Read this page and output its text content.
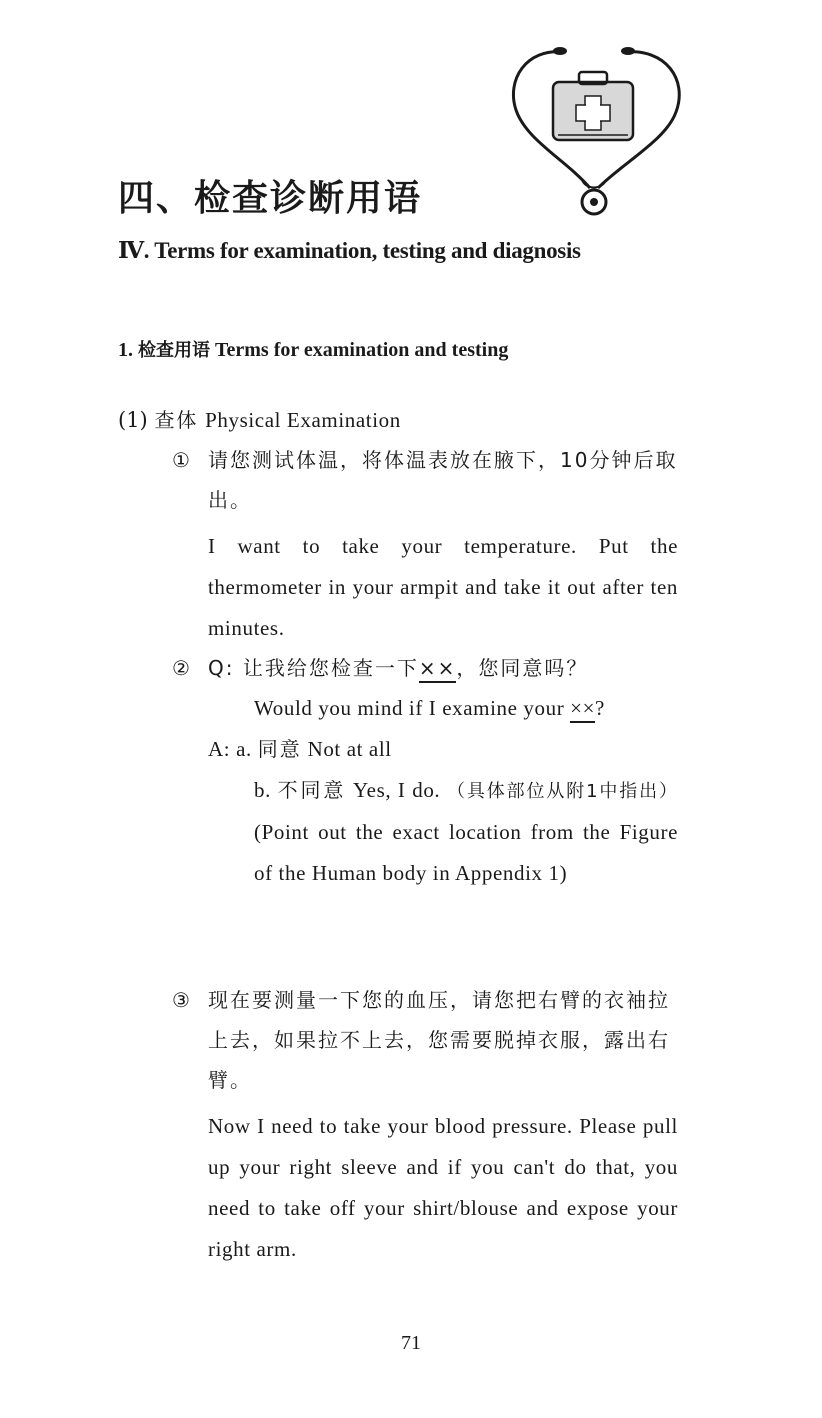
四、检查诊断用语
Ⅳ. Terms for examination, testing and diagnosis
1. 检查用语 Terms for examination and testing
(1) 查体 Physical Examination
① 请您测试体温，将体温表放在腋下，10分钟后取出。
I want to take your temperature. Put the thermometer in your armpit and take it out after ten minutes.
② Q: 让我给您检查一下××，您同意吗？
Would you mind if I examine your ××?
A: a. 同意 Not at all
b. 不同意 Yes, I do. （具体部位从附1中指出）(Point out the exact location from the Figure of the Human body in Appendix 1)
③ 现在要测量一下您的血压，请您把右臂的衣袖拉上去，如果拉不上去，您需要脱掉衣服，露出右臂。
Now I need to take your blood pressure. Please pull up your right sleeve and if you can't do that, you need to take off your shirt/blouse and expose your right arm.
71
